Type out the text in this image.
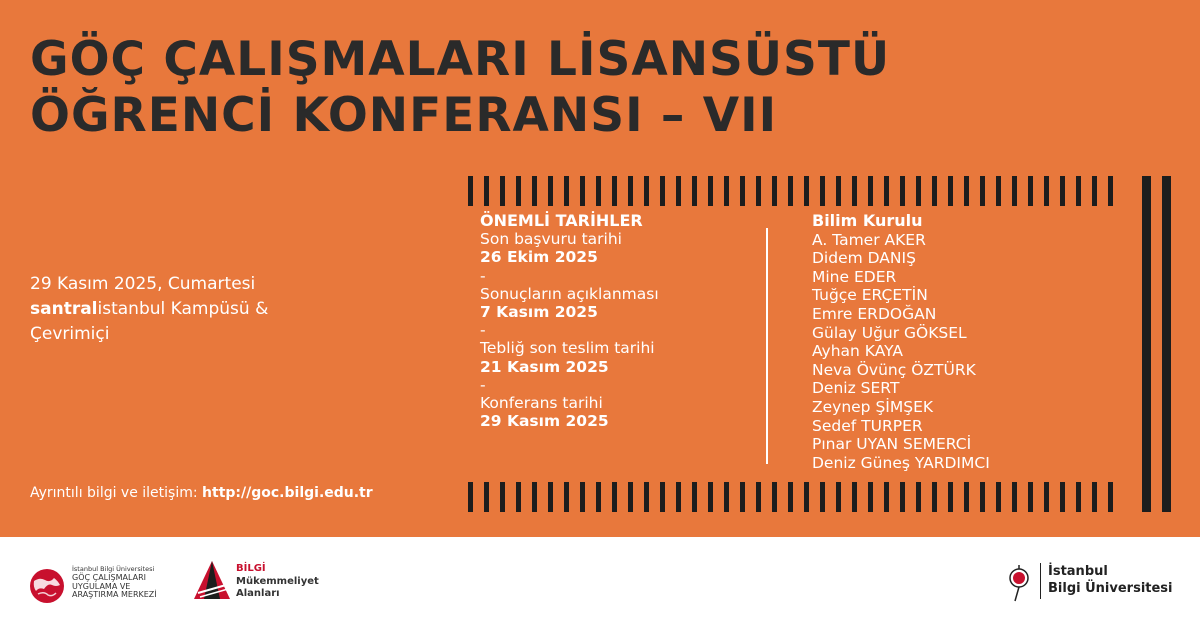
GÖÇ ÇALIŞMALARI LİSANSÜSTÜ
ÖĞRENCİ KONFERANSI – VII
29 Kasım 2025, Cumartesi
santralistanbul Kampüsü &
Çevrimiçi
Ayrıntılı bilgi ve iletişim: http://goc.bilgi.edu.tr
ÖNEMLİ TARİHLER
Son başvuru tarihi
26 Ekim 2025
-
Sonuçların açıklanması
7 Kasım 2025
-
Tebliğ son teslim tarihi
21 Kasım 2025
-
Konferans tarihi
29 Kasım 2025
Bilim Kurulu
A. Tamer AKER
Didem DANIŞ
Mine EDER
Tuğçe ERÇETİN
Emre ERDOĞAN
Gülay Uğur GÖKSEL
Ayhan KAYA
Neva Övünç ÖZTÜRK
Deniz SERT
Zeynep ŞİMŞEK
Sedef TURPER
Pınar UYAN SEMERCİ
Deniz Güneş YARDIMCI
İstanbul Bilgi Üniversitesi
GÖÇ ÇALIŞMALARI
UYGULAMA VE
ARAŞTIRMA MERKEZİ
BİLGİ
Mükemmeliyet
Alanları
İstanbul
Bilgi Üniversitesi
